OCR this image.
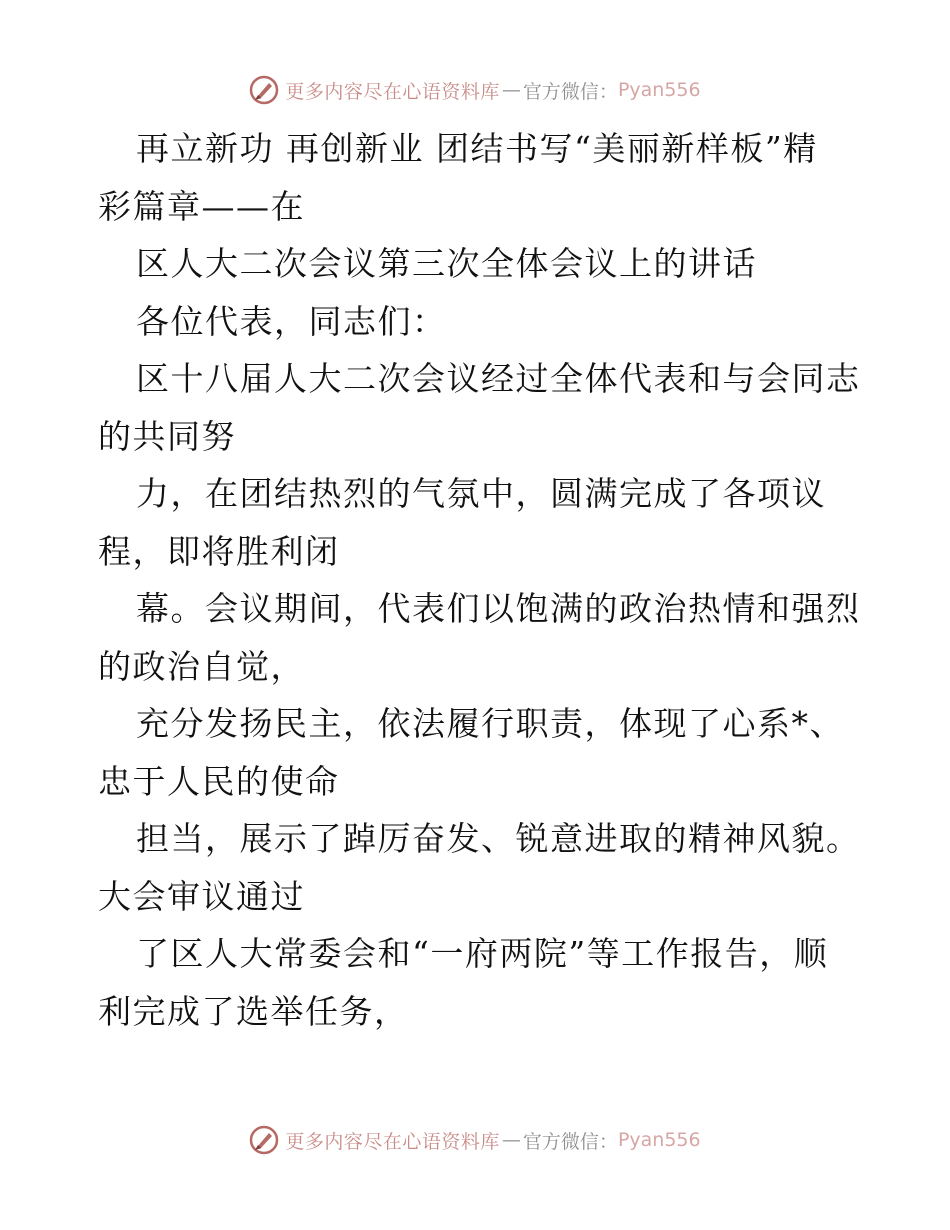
更多内容尽在心语资料库 — 官方微信： Pyan556
再立新功 再创新业 团结书写“美丽新样板”精
彩篇章——在
区人大二次会议第三次全体会议上的讲话
各位代表，同志们：
区十八届人大二次会议经过全体代表和与会同志
的共同努
力，在团结热烈的气氛中，圆满完成了各项议
程，即将胜利闭
幕。会议期间，代表们以饱满的政治热情和强烈
的政治自觉，
充分发扬民主，依法履行职责，体现了心系*、
忠于人民的使命
担当，展示了踔厉奋发、锐意进取的精神风貌。
大会审议通过
了区人大常委会和“一府两院”等工作报告，顺
利完成了选举任务，
更多内容尽在心语资料库 — 官方微信： Pyan556
